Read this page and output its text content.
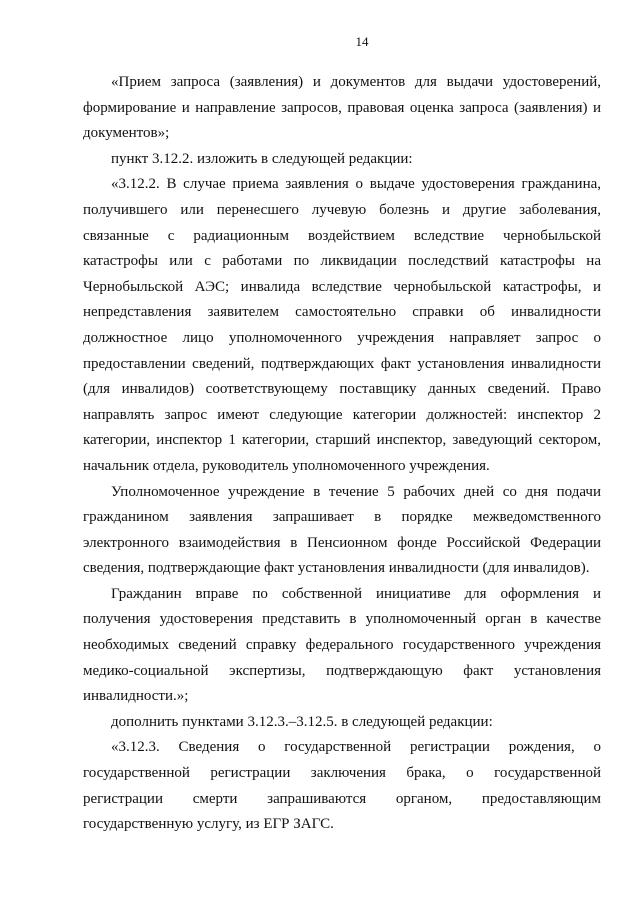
14

«Прием запроса (заявления) и документов для выдачи удостоверений, формирование и направление запросов, правовая оценка запроса (заявления) и документов»;

пункт 3.12.2. изложить в следующей редакции:

«3.12.2. В случае приема заявления о выдаче удостоверения гражданина, получившего или перенесшего лучевую болезнь и другие заболевания, связанные с радиационным воздействием вследствие чернобыльской катастрофы или с работами по ликвидации последствий катастрофы на Чернобыльской АЭС; инвалида вследствие чернобыльской катастрофы, и непредставления заявителем самостоятельно справки об инвалидности должностное лицо уполномоченного учреждения направляет запрос о предоставлении сведений, подтверждающих факт установления инвалидности (для инвалидов) соответствующему поставщику данных сведений. Право направлять запрос имеют следующие категории должностей: инспектор 2 категории, инспектор 1 категории, старший инспектор, заведующий сектором, начальник отдела, руководитель уполномоченного учреждения.

Уполномоченное учреждение в течение 5 рабочих дней со дня подачи гражданином заявления запрашивает в порядке межведомственного электронного взаимодействия в Пенсионном фонде Российской Федерации сведения, подтверждающие факт установления инвалидности (для инвалидов).

Гражданин вправе по собственной инициативе для оформления и получения удостоверения представить в уполномоченный орган в качестве необходимых сведений справку федерального государственного учреждения медико-социальной экспертизы, подтверждающую факт установления инвалидности.»;

дополнить пунктами 3.12.3.–3.12.5. в следующей редакции:

«3.12.3. Сведения о государственной регистрации рождения, о государственной регистрации заключения брака, о государственной регистрации смерти запрашиваются органом, предоставляющим государственную услугу, из ЕГР ЗАГС.
